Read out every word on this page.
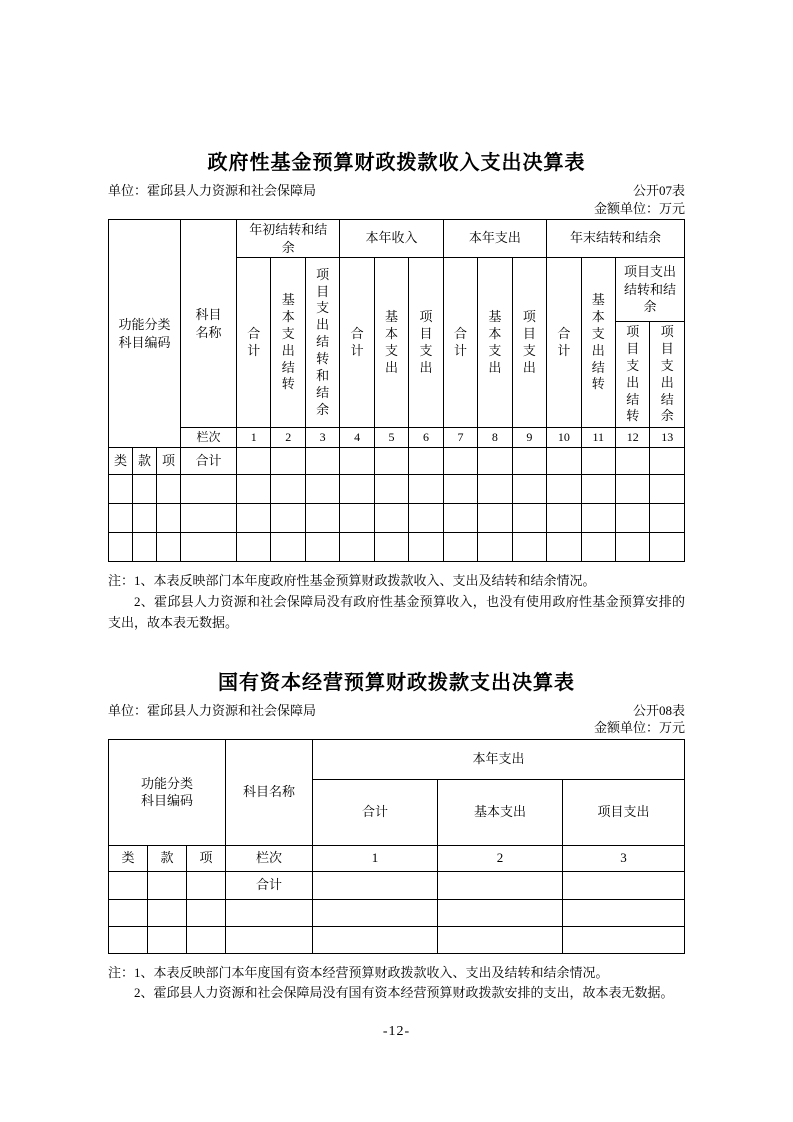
政府性基金预算财政拨款收入支出决算表
单位：霍邱县人力资源和社会保障局	公开07表
金额单位：万元
功能分类科目编码			科目名称	年初结转和结余			本年收入			本年支出			年末结转和结余			
				合计	基本支出结转	项目支出结转和结余	合计	基本支出	项目支出	合计	基本支出	项目支出	合计	基本支出结转	项目支出结转和结余	
															项目支出结转	项目支出结余
			栏次	1	2	3	4	5	6	7	8	9	10	11	12	13
类	款	项	合计													

注：1、本表反映部门本年度政府性基金预算财政拨款收入、支出及结转和结余情况。

2、霍邱县人力资源和社会保障局没有政府性基金预算收入，也没有使用政府性基金预算安排的支出，故本表无数据。

国有资本经营预算财政拨款支出决算表
单位：霍邱县人力资源和社会保障局	公开08表
金额单位：万元
功能分类科目编码			科目名称	本年支出		
				合计	基本支出	项目支出
类	款	项	栏次	1	2	3
			合计			

注：1、本表反映部门本年度国有资本经营预算财政拨款收入、支出及结转和结余情况。

2、霍邱县人力资源和社会保障局没有国有资本经营预算财政拨款安排的支出，故本表无数据。

-12-
